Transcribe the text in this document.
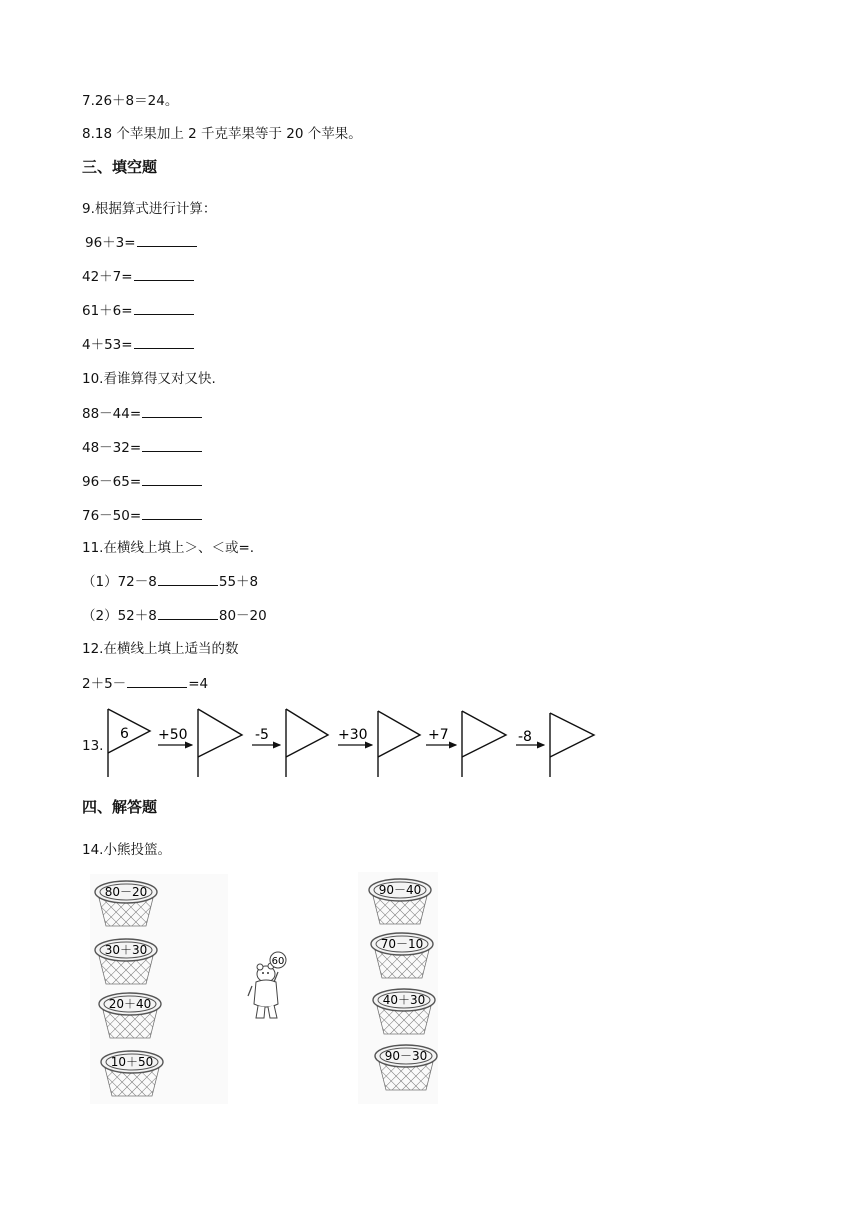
7.26＋8＝24。
8.18 个苹果加上 2 千克苹果等于 20 个苹果。
三、填空题
9.根据算式进行计算：
96＋3=
42＋7=
61＋6=
4＋53=
10.看谁算得又对又快.
88－44=
48－32=
96－65=
76－50=
11.在横线上填上＞、＜或=.
（1）72－8	55＋8
（2）52＋8	80－20
12.在横线上填上适当的数
2＋5－	=4
13.
6 +50	-5	+30	+7	-8
四、解答题
14.小熊投篮。
80－20
30＋30
20＋40
10＋50
90－40
70－10
40＋30
90－30
60
